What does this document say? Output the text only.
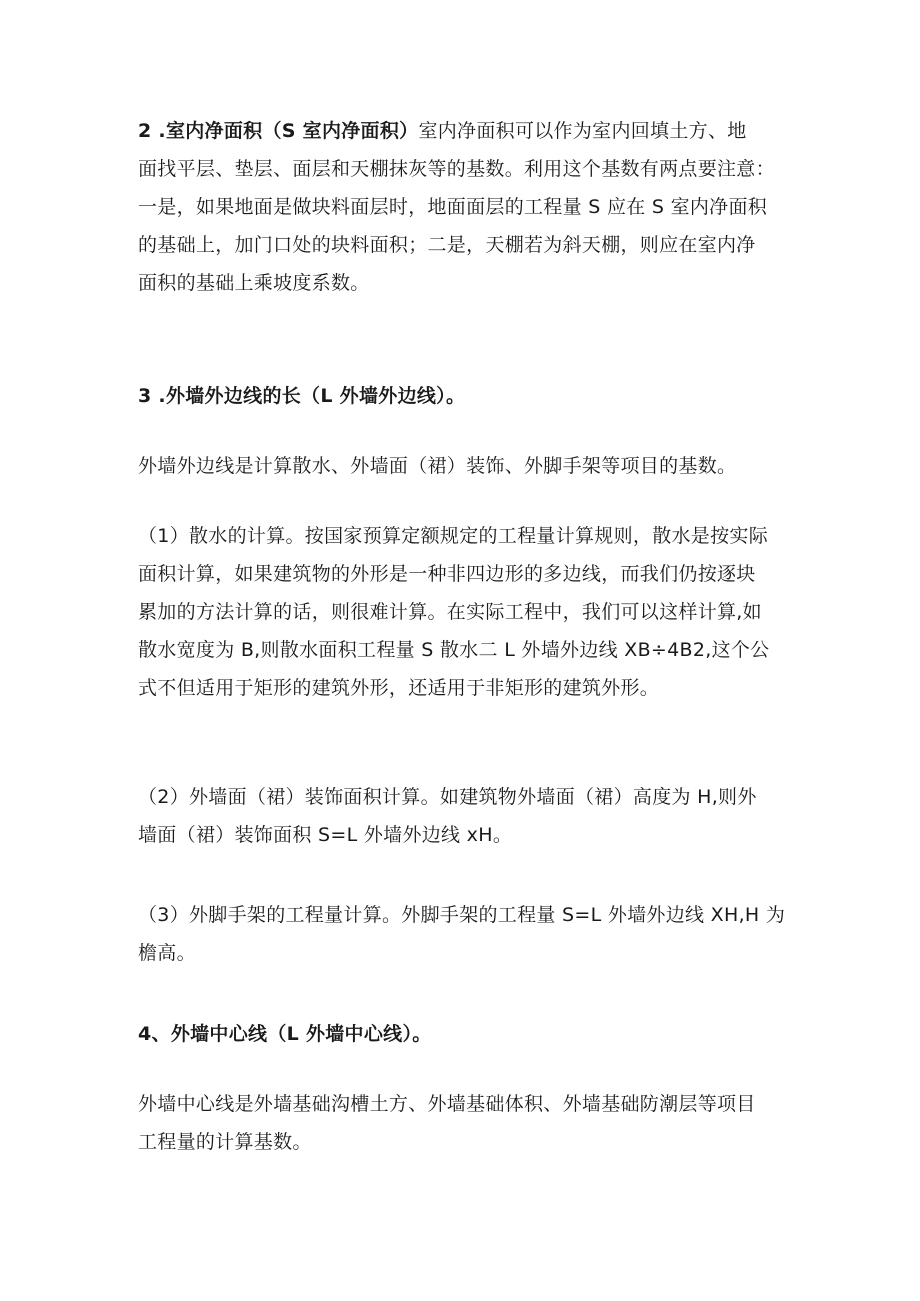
2 .室内净面积（S 室内净面积）室内净面积可以作为室内回填土方、地
面找平层、垫层、面层和天棚抹灰等的基数。利用这个基数有两点要注意：
一是，如果地面是做块料面层时，地面面层的工程量 S 应在 S 室内净面积
的基础上，加门口处的块料面积；二是，天棚若为斜天棚，则应在室内净
面积的基础上乘坡度系数。
3 .外墙外边线的长（L 外墙外边线）。
外墙外边线是计算散水、外墙面（裙）装饰、外脚手架等项目的基数。
（1）散水的计算。按国家预算定额规定的工程量计算规则，散水是按实际
面积计算，如果建筑物的外形是一种非四边形的多边线，而我们仍按逐块
累加的方法计算的话，则很难计算。在实际工程中，我们可以这样计算,如
散水宽度为 B,则散水面积工程量 S 散水二 L 外墙外边线 XB÷4B2,这个公
式不但适用于矩形的建筑外形，还适用于非矩形的建筑外形。
（2）外墙面（裙）装饰面积计算。如建筑物外墙面（裙）高度为 H,则外
墙面（裙）装饰面积 S=L 外墙外边线 xH。
（3）外脚手架的工程量计算。外脚手架的工程量 S=L 外墙外边线 XH,H 为
檐高。
4、外墙中心线（L 外墙中心线）。
外墙中心线是外墙基础沟槽土方、外墙基础体积、外墙基础防潮层等项目
工程量的计算基数。
